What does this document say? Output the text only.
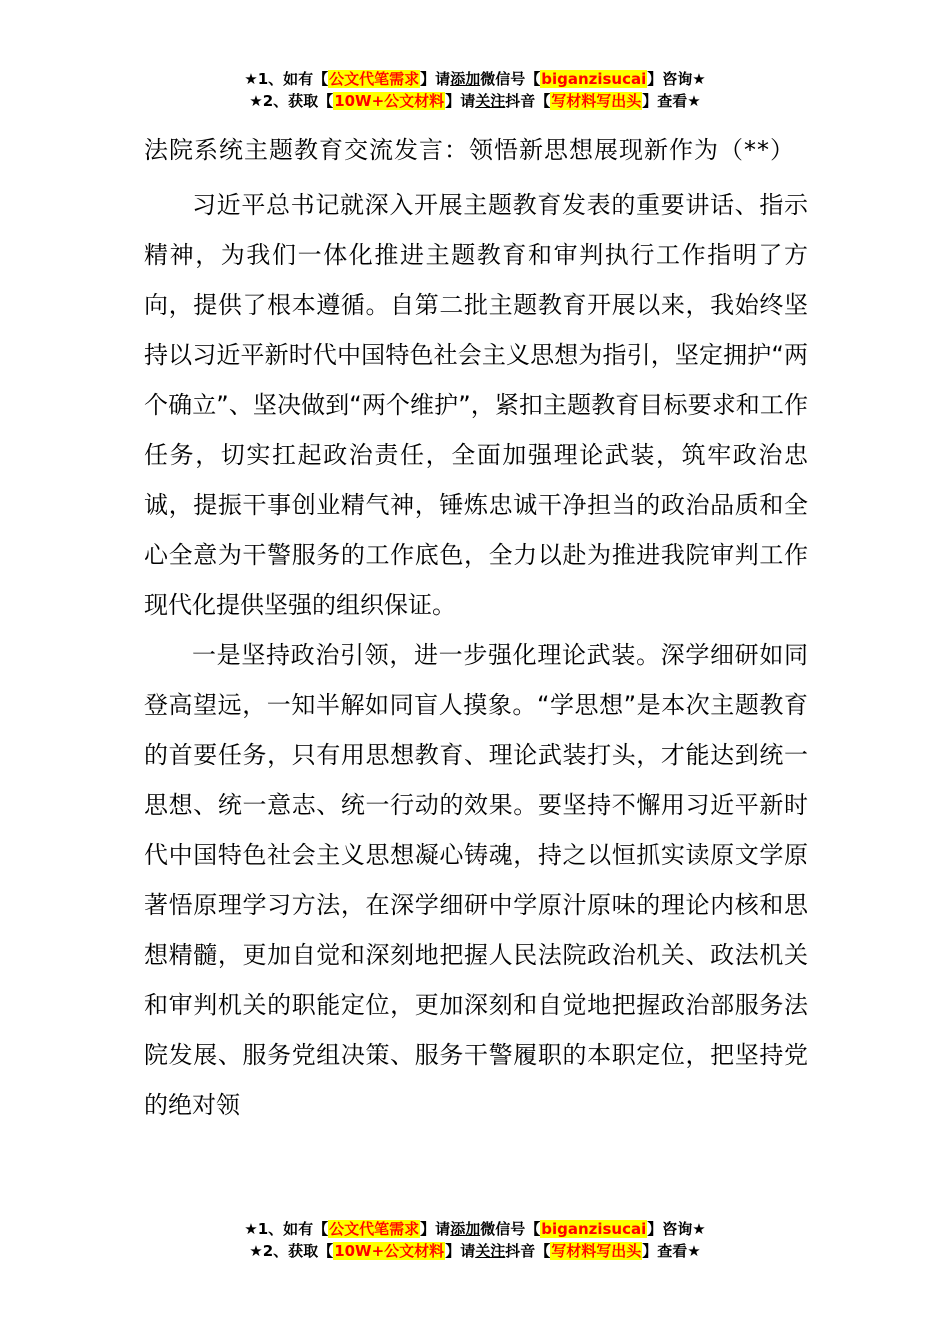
★1、如有【公文代笔需求】请添加微信号【biganzisucai】咨询★
★2、获取【10W+公文材料】请关注抖音【写材料写出头】查看★
法院系统主题教育交流发言：领悟新思想展现新作为（**）

习近平总书记就深入开展主题教育发表的重要讲话、指示精神，为我们一体化推进主题教育和审判执行工作指明了方向，提供了根本遵循。自第二批主题教育开展以来，我始终坚持以习近平新时代中国特色社会主义思想为指引，坚定拥护“两个确立”、坚决做到“两个维护”，紧扣主题教育目标要求和工作任务，切实扛起政治责任，全面加强理论武装，筑牢政治忠诚，提振干事创业精气神，锤炼忠诚干净担当的政治品质和全心全意为干警服务的工作底色，全力以赴为推进我院审判工作现代化提供坚强的组织保证。

一是坚持政治引领，进一步强化理论武装。深学细研如同登高望远，一知半解如同盲人摸象。“学思想”是本次主题教育的首要任务，只有用思想教育、理论武装打头，才能达到统一思想、统一意志、统一行动的效果。要坚持不懈用习近平新时代中国特色社会主义思想凝心铸魂，持之以恒抓实读原文学原著悟原理学习方法，在深学细研中学原汁原味的理论内核和思想精髓，更加自觉和深刻地把握人民法院政治机关、政法机关和审判机关的职能定位，更加深刻和自觉地把握政治部服务法院发展、服务党组决策、服务干警履职的本职定位，把坚持党的绝对领

★1、如有【公文代笔需求】请添加微信号【biganzisucai】咨询★
★2、获取【10W+公文材料】请关注抖音【写材料写出头】查看★
